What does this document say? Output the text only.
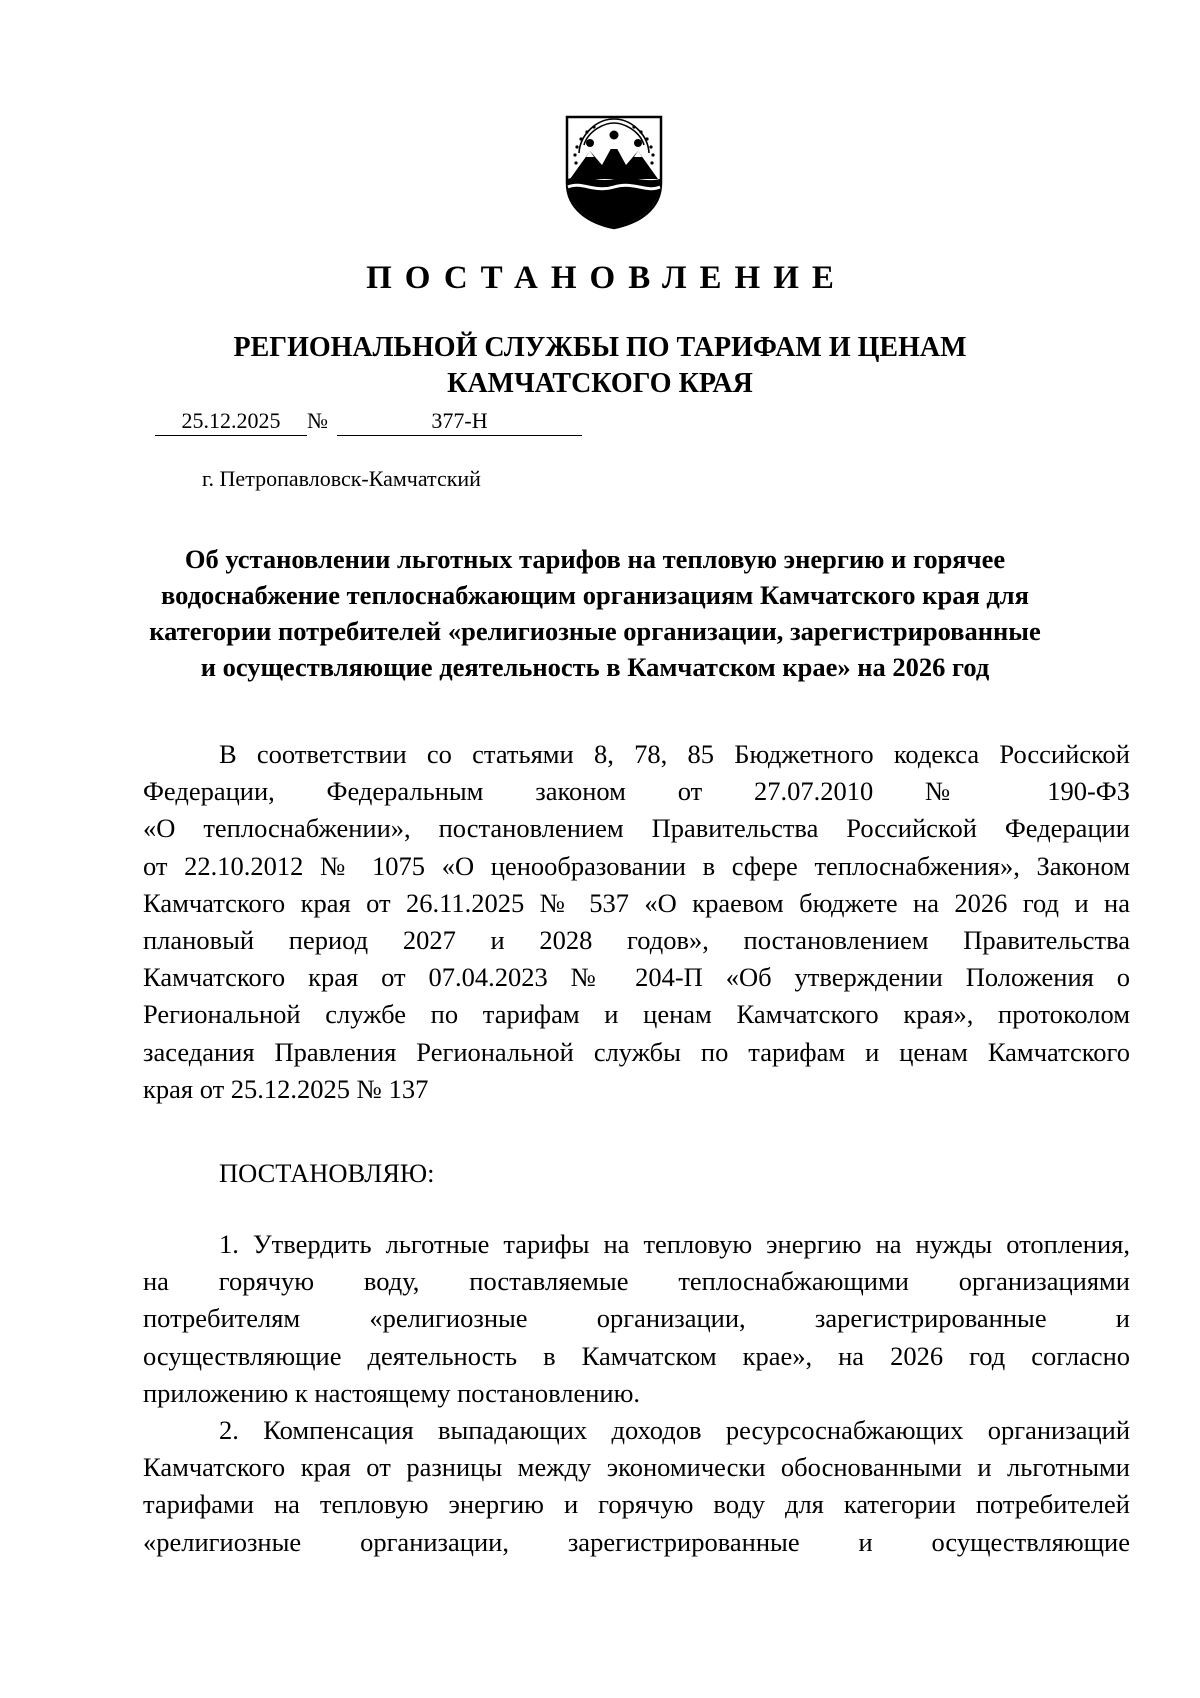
ПОСТАНОВЛЕНИЕ
РЕГИОНАЛЬНОЙ СЛУЖБЫ ПО ТАРИФАМ И ЦЕНАМ
КАМЧАТСКОГО КРАЯ
25.12.2025	№	377-Н
г. Петропавловск-Камчатский
Об установлении льготных тарифов на тепловую энергию и горячее
водоснабжение теплоснабжающим организациям Камчатского края для
категории потребителей «религиозные организации, зарегистрированные
и осуществляющие деятельность в Камчатском крае» на 2026 год
В соответствии со статьями 8, 78, 85 Бюджетного кодекса Российской
Федерации, Федеральным законом от 27.07.2010 № 190-ФЗ
«О теплоснабжении», постановлением Правительства Российской Федерации
от 22.10.2012 № 1075 «О ценообразовании в сфере теплоснабжения», Законом
Камчатского края от 26.11.2025 № 537 «О краевом бюджете на 2026 год и на
плановый период 2027 и 2028 годов», постановлением Правительства
Камчатского края от 07.04.2023 № 204-П «Об утверждении Положения о
Региональной службе по тарифам и ценам Камчатского края», протоколом
заседания Правления Региональной службы по тарифам и ценам Камчатского
края от 25.12.2025 № 137
ПОСТАНОВЛЯЮ:
1. Утвердить льготные тарифы на тепловую энергию на нужды отопления,
на горячую воду, поставляемые теплоснабжающими организациями
потребителям «религиозные организации, зарегистрированные и
осуществляющие деятельность в Камчатском крае», на 2026 год согласно
приложению к настоящему постановлению.
2. Компенсация выпадающих доходов ресурсоснабжающих организаций
Камчатского края от разницы между экономически обоснованными и льготными
тарифами на тепловую энергию и горячую воду для категории потребителей
«религиозные организации, зарегистрированные и осуществляющие
